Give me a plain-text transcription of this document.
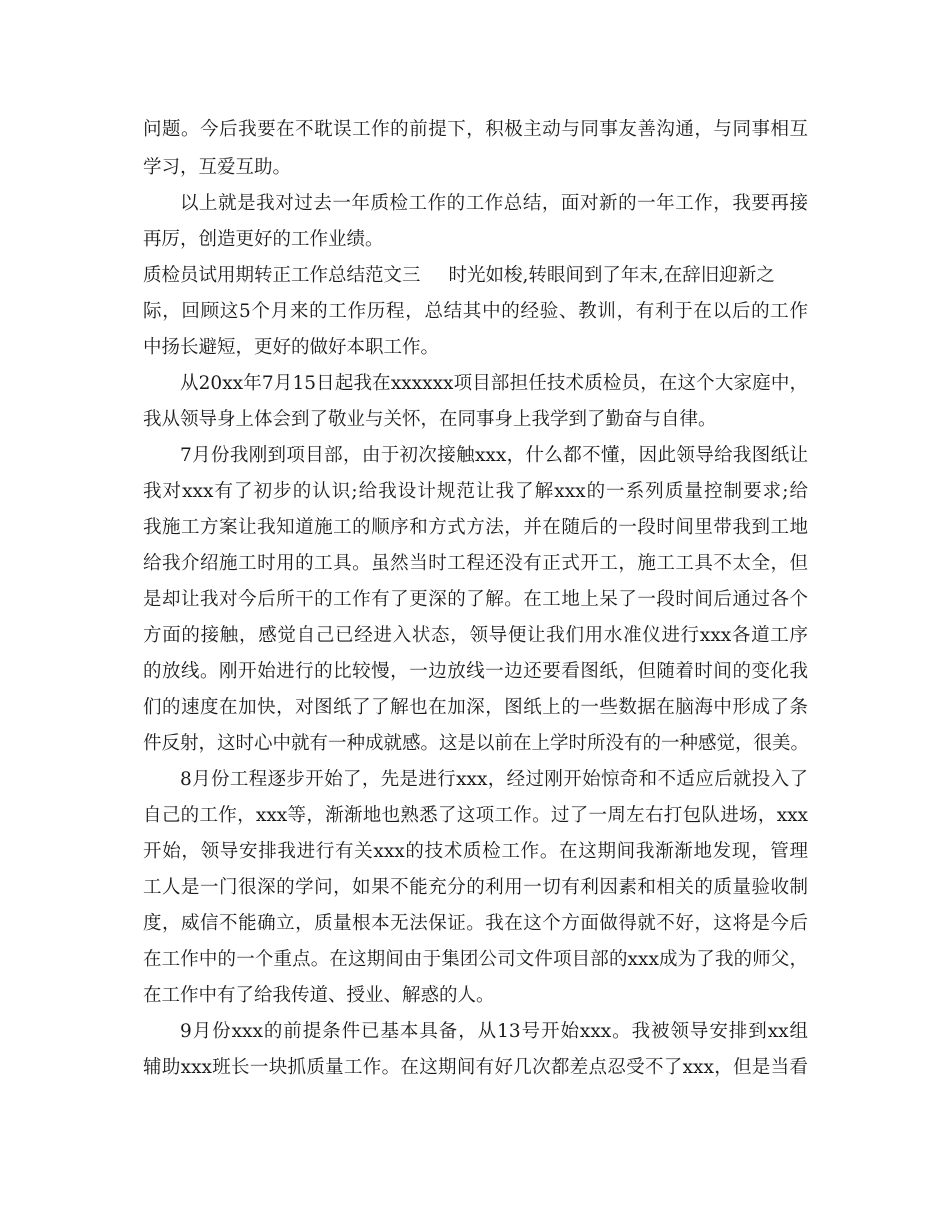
问题。今后我要在不耽误工作的前提下，积极主动与同事友善沟通，与同事相互
学习，互爱互助。
以上就是我对过去一年质检工作的工作总结，面对新的一年工作，我要再接
再厉，创造更好的工作业绩。
质检员试用期转正工作总结范文三 时光如梭,转眼间到了年末,在辞旧迎新之
际，回顾这5个月来的工作历程，总结其中的经验、教训，有利于在以后的工作
中扬长避短，更好的做好本职工作。
从20xx年7月15日起我在xxxxxx项目部担任技术质检员，在这个大家庭中，
我从领导身上体会到了敬业与关怀，在同事身上我学到了勤奋与自律。
7月份我刚到项目部，由于初次接触xxx，什么都不懂，因此领导给我图纸让
我对xxx有了初步的认识;给我设计规范让我了解xxx的一系列质量控制要求;给
我施工方案让我知道施工的顺序和方式方法，并在随后的一段时间里带我到工地
给我介绍施工时用的工具。虽然当时工程还没有正式开工，施工工具不太全，但
是却让我对今后所干的工作有了更深的了解。在工地上呆了一段时间后通过各个
方面的接触，感觉自己已经进入状态，领导便让我们用水准仪进行xxx各道工序
的放线。刚开始进行的比较慢，一边放线一边还要看图纸，但随着时间的变化我
们的速度在加快，对图纸了了解也在加深，图纸上的一些数据在脑海中形成了条
件反射，这时心中就有一种成就感。这是以前在上学时所没有的一种感觉，很美。
8月份工程逐步开始了，先是进行xxx，经过刚开始惊奇和不适应后就投入了
自己的工作，xxx等，渐渐地也熟悉了这项工作。过了一周左右打包队进场，xxx
开始，领导安排我进行有关xxx的技术质检工作。在这期间我渐渐地发现，管理
工人是一门很深的学问，如果不能充分的利用一切有利因素和相关的质量验收制
度，威信不能确立，质量根本无法保证。我在这个方面做得就不好，这将是今后
在工作中的一个重点。在这期间由于集团公司文件项目部的xxx成为了我的师父，
在工作中有了给我传道、授业、解惑的人。
9月份xxx的前提条件已基本具备，从13号开始xxx。我被领导安排到xx组
辅助xxx班长一块抓质量工作。在这期间有好几次都差点忍受不了xxx，但是当看
